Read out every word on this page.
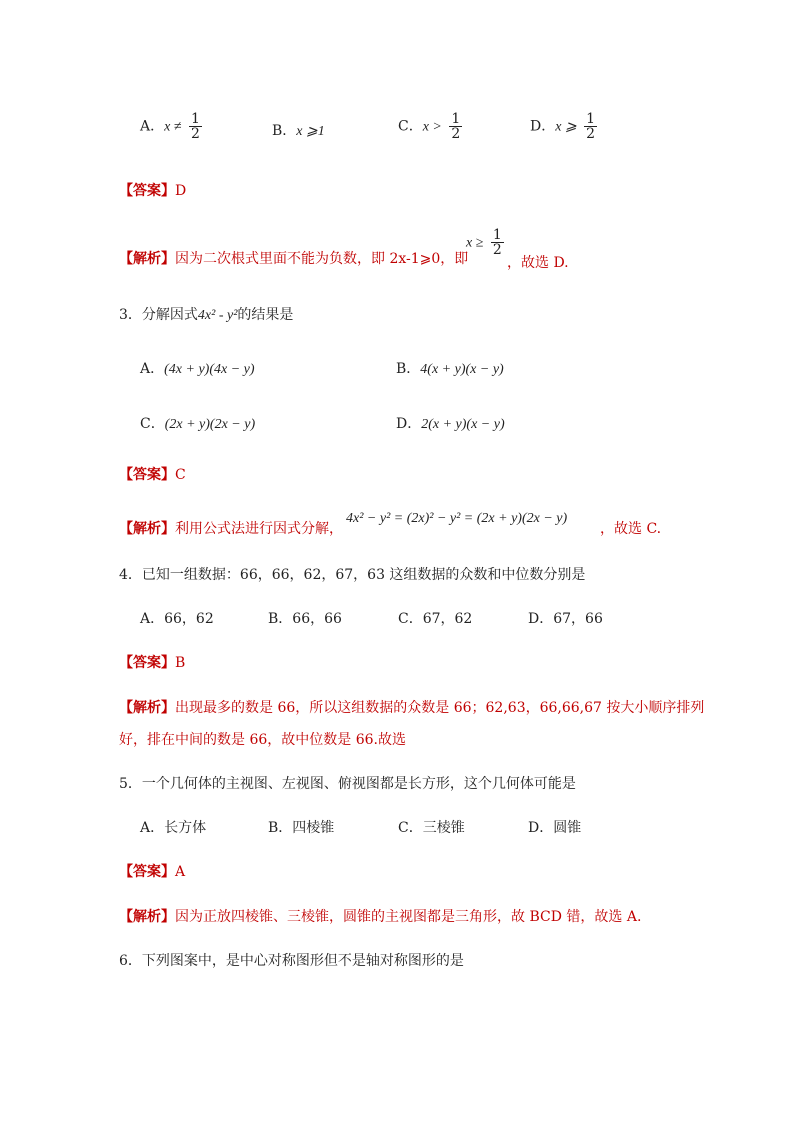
A．$x \ne \frac{1}{2}$	B．x ⩾1	C．$x > \frac{1}{2}$	D．x ⩾ $\frac{1}{2}$
【答案】D
【解析】因为二次根式里面不能为负数，即 2x-1⩾0，即
$x \ge \frac{1}{2}$
，故选 D.
3．分解因式4x² - y²的结果是
A．(4x + y)(4x − y)	B．4(x + y)(x − y)
C．(2x + y)(2x − y)	D．2(x + y)(x − y)
【答案】C
【解析】利用公式法进行因式分解，
4x² − y² = (2x)² − y² = (2x + y)(2x − y)
，故选 C.
4．已知一组数据：66，66，62，67，63 这组数据的众数和中位数分别是
A．66，62	B．66，66	C．67，62	D．67，66
【答案】B
【解析】出现最多的数是 66，所以这组数据的众数是 66；62,63，66,66,67 按大小顺序排列
好，排在中间的数是 66，故中位数是 66.故选
5．一个几何体的主视图、左视图、俯视图都是长方形，这个几何体可能是
A．长方体	B．四棱锥	C．三棱锥	D．圆锥
【答案】A
【解析】因为正放四棱锥、三棱锥，圆锥的主视图都是三角形，故 BCD 错，故选 A.
6．下列图案中，是中心对称图形但不是轴对称图形的是
